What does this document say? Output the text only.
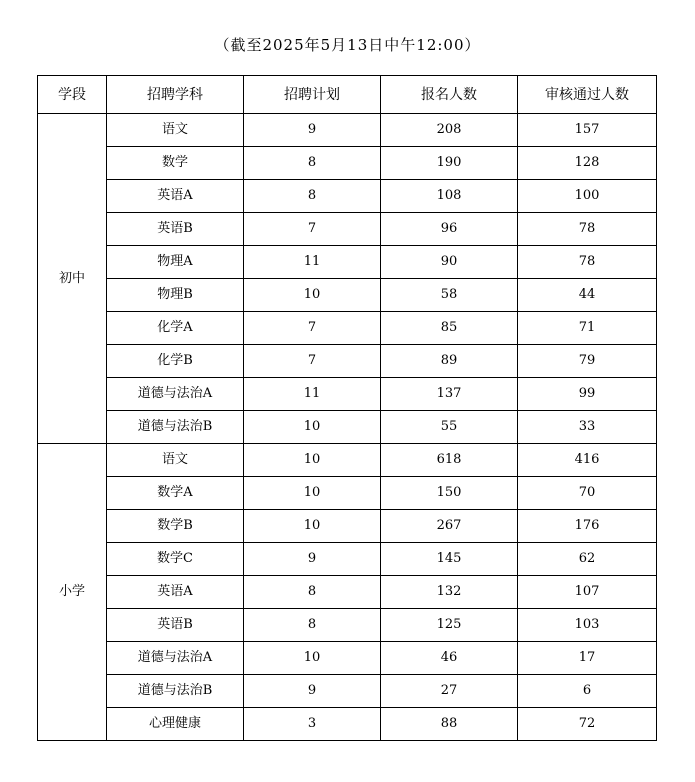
（截至2025年5月13日中午12:00）
学段	招聘学科	招聘计划	报名人数	审核通过人数
初中	语文	9	208	157
	数学	8	190	128
	英语A	8	108	100
	英语B	7	96	78
	物理A	11	90	78
	物理B	10	58	44
	化学A	7	85	71
	化学B	7	89	79
	道德与法治A	11	137	99
	道德与法治B	10	55	33
小学	语文	10	618	416
	数学A	10	150	70
	数学B	10	267	176
	数学C	9	145	62
	英语A	8	132	107
	英语B	8	125	103
	道德与法治A	10	46	17
	道德与法治B	9	27	6
	心理健康	3	88	72
